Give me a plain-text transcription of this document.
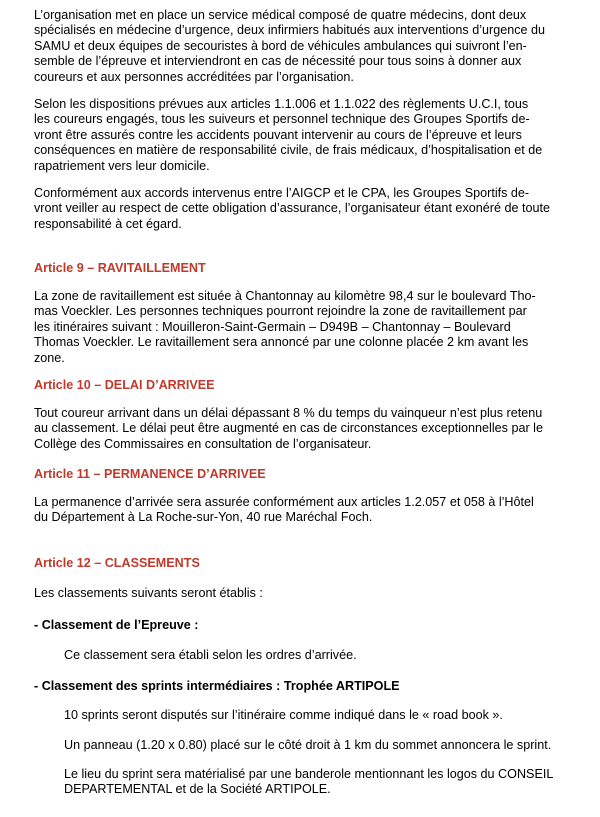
L’organisation met en place un service médical composé de quatre médecins, dont deux
spécialisés en médecine d’urgence, deux infirmiers habitués aux interventions d’urgence du
SAMU et deux équipes de secouristes à bord de véhicules ambulances qui suivront l’en-
semble de l’épreuve et interviendront en cas de nécessité pour tous soins à donner aux
coureurs et aux personnes accréditées par l’organisation.
Selon les dispositions prévues aux articles 1.1.006 et 1.1.022 des règlements U.C.I, tous
les coureurs engagés, tous les suiveurs et personnel technique des Groupes Sportifs de-
vront être assurés contre les accidents pouvant intervenir au cours de l’épreuve et leurs
conséquences en matière de responsabilité civile, de frais médicaux, d’hospitalisation et de
rapatriement vers leur domicile.
Conformément aux accords intervenus entre l’AIGCP et le CPA, les Groupes Sportifs de-
vront veiller au respect de cette obligation d’assurance, l’organisateur étant exonéré de toute
responsabilité à cet égard.
Article 9 – RAVITAILLEMENT
La zone de ravitaillement est située à Chantonnay au kilomètre 98,4 sur le boulevard Tho-
mas Voeckler. Les personnes techniques pourront rejoindre la zone de ravitaillement par
les itinéraires suivant : Mouilleron-Saint-Germain – D949B – Chantonnay – Boulevard
Thomas Voeckler. Le ravitaillement sera annoncé par une colonne placée 2 km avant les
zone.
Article 10 – DELAI D’ARRIVEE
Tout coureur arrivant dans un délai dépassant 8 % du temps du vainqueur n’est plus retenu
au classement. Le délai peut être augmenté en cas de circonstances exceptionnelles par le
Collège des Commissaires en consultation de l’organisateur.
Article 11 – PERMANENCE D’ARRIVEE
La permanence d’arrivée sera assurée conformément aux articles 1.2.057 et 058 à l’Hôtel
du Département à La Roche-sur-Yon, 40 rue Maréchal Foch.
Article 12 – CLASSEMENTS
Les classements suivants seront établis :
- Classement de l’Epreuve :
Ce classement sera établi selon les ordres d’arrivée.
- Classement des sprints intermédiaires : Trophée ARTIPOLE
10 sprints seront disputés sur l’itinéraire comme indiqué dans le « road book ».
Un panneau (1.20 x 0.80) placé sur le côté droit à 1 km du sommet annoncera le sprint.
Le lieu du sprint sera matérialisé par une banderole mentionnant les logos du CONSEIL
DEPARTEMENTAL et de la Société ARTIPOLE.
